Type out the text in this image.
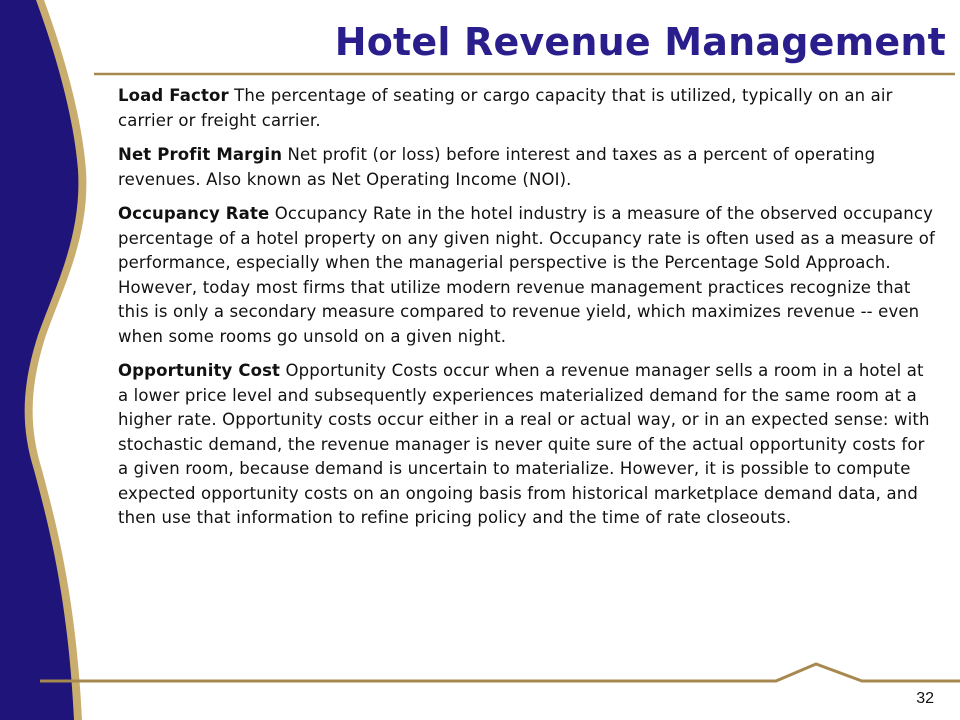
Hotel Revenue Management

Load Factor The percentage of seating or cargo capacity that is utilized, typically on an air carrier or freight carrier.

Net Profit Margin Net profit (or loss) before interest and taxes as a percent of operating revenues. Also known as Net Operating Income (NOI).

Occupancy Rate Occupancy Rate in the hotel industry is a measure of the observed occupancy percentage of a hotel property on any given night. Occupancy rate is often used as a measure of performance, especially when the managerial perspective is the Percentage Sold Approach. However, today most firms that utilize modern revenue management practices recognize that this is only a secondary measure compared to revenue yield, which maximizes revenue -- even when some rooms go unsold on a given night.

Opportunity Cost Opportunity Costs occur when a revenue manager sells a room in a hotel at a lower price level and subsequently experiences materialized demand for the same room at a higher rate. Opportunity costs occur either in a real or actual way, or in an expected sense: with stochastic demand, the revenue manager is never quite sure of the actual opportunity costs for a given room, because demand is uncertain to materialize. However, it is possible to compute expected opportunity costs on an ongoing basis from historical marketplace demand data, and then use that information to refine pricing policy and the time of rate closeouts.

32
